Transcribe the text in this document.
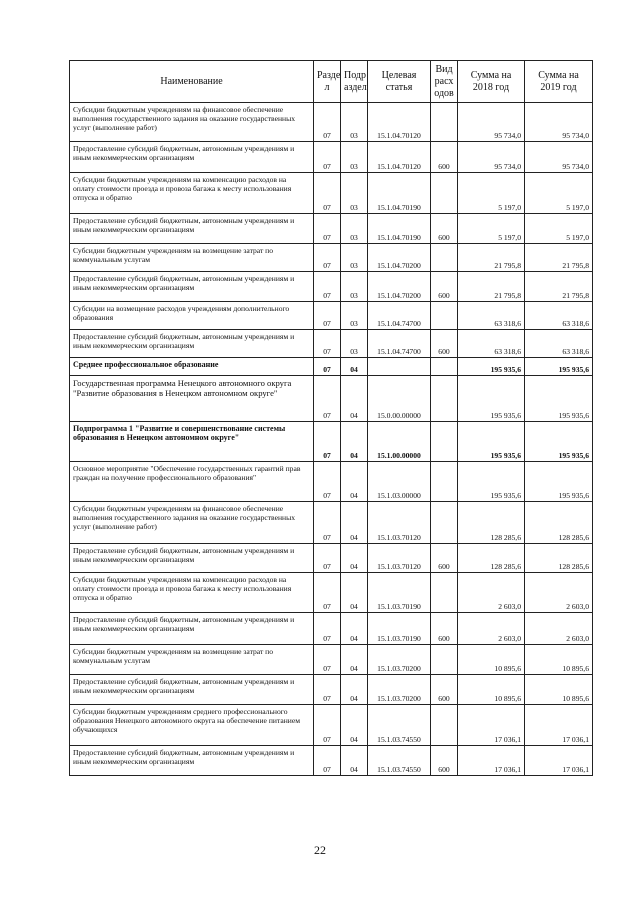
Наименование	Разде л	Подр аздел	Целевая статья	Вид расх одов	Сумма на 2018 год	Сумма на 2019 год
Субсидии бюджетным учреждениям на финансовое обеспечение выполнения государственного задания на оказание государственных услуг (выполнение работ)	07	03	15.1.04.70120		95 734,0	95 734,0
Предоставление субсидий бюджетным, автономным учреждениям и иным некоммерческим организациям	07	03	15.1.04.70120	600	95 734,0	95 734,0
Субсидии бюджетным учреждениям на компенсацию расходов на оплату стоимости проезда и провоза багажа к месту использования отпуска и обратно	07	03	15.1.04.70190		5 197,0	5 197,0
Предоставление субсидий бюджетным, автономным учреждениям и иным некоммерческим организациям	07	03	15.1.04.70190	600	5 197,0	5 197,0
Субсидии бюджетным учреждениям на возмещение затрат по коммунальным услугам	07	03	15.1.04.70200		21 795,8	21 795,8
Предоставление субсидий бюджетным, автономным учреждениям и иным некоммерческим организациям	07	03	15.1.04.70200	600	21 795,8	21 795,8
Субсидии на возмещение расходов учреждениям дополнительного образования	07	03	15.1.04.74700		63 318,6	63 318,6
Предоставление субсидий бюджетным, автономным учреждениям и иным некоммерческим организациям	07	03	15.1.04.74700	600	63 318,6	63 318,6
Среднее профессиональное образование	07	04			195 935,6	195 935,6
Государственная программа Ненецкого автономного округа "Развитие образования в Ненецком автономном округе"	07	04	15.0.00.00000		195 935,6	195 935,6
Подпрограмма 1 "Развитие и совершенствование системы образования в Ненецком автономном округе"	07	04	15.1.00.00000		195 935,6	195 935,6
Основное мероприятие "Обеспечение государственных гарантий прав граждан на получение профессионального образования"	07	04	15.1.03.00000		195 935,6	195 935,6
Субсидии бюджетным учреждениям на финансовое обеспечение выполнения государственного задания на оказание государственных услуг (выполнение работ)	07	04	15.1.03.70120		128 285,6	128 285,6
Предоставление субсидий бюджетным, автономным учреждениям и иным некоммерческим организациям	07	04	15.1.03.70120	600	128 285,6	128 285,6
Субсидии бюджетным учреждениям на компенсацию расходов на оплату стоимости проезда и провоза багажа к месту использования отпуска и обратно	07	04	15.1.03.70190		2 603,0	2 603,0
Предоставление субсидий бюджетным, автономным учреждениям и иным некоммерческим организациям	07	04	15.1.03.70190	600	2 603,0	2 603,0
Субсидии бюджетным учреждениям на возмещение затрат по коммунальным услугам	07	04	15.1.03.70200		10 895,6	10 895,6
Предоставление субсидий бюджетным, автономным учреждениям и иным некоммерческим организациям	07	04	15.1.03.70200	600	10 895,6	10 895,6
Субсидии бюджетным учреждениям среднего профессионального образования Ненецкого автономного округа на обеспечение питанием обучающихся	07	04	15.1.03.74550		17 036,1	17 036,1
Предоставление субсидий бюджетным, автономным учреждениям и иным некоммерческим организациям	07	04	15.1.03.74550	600	17 036,1	17 036,1
22
